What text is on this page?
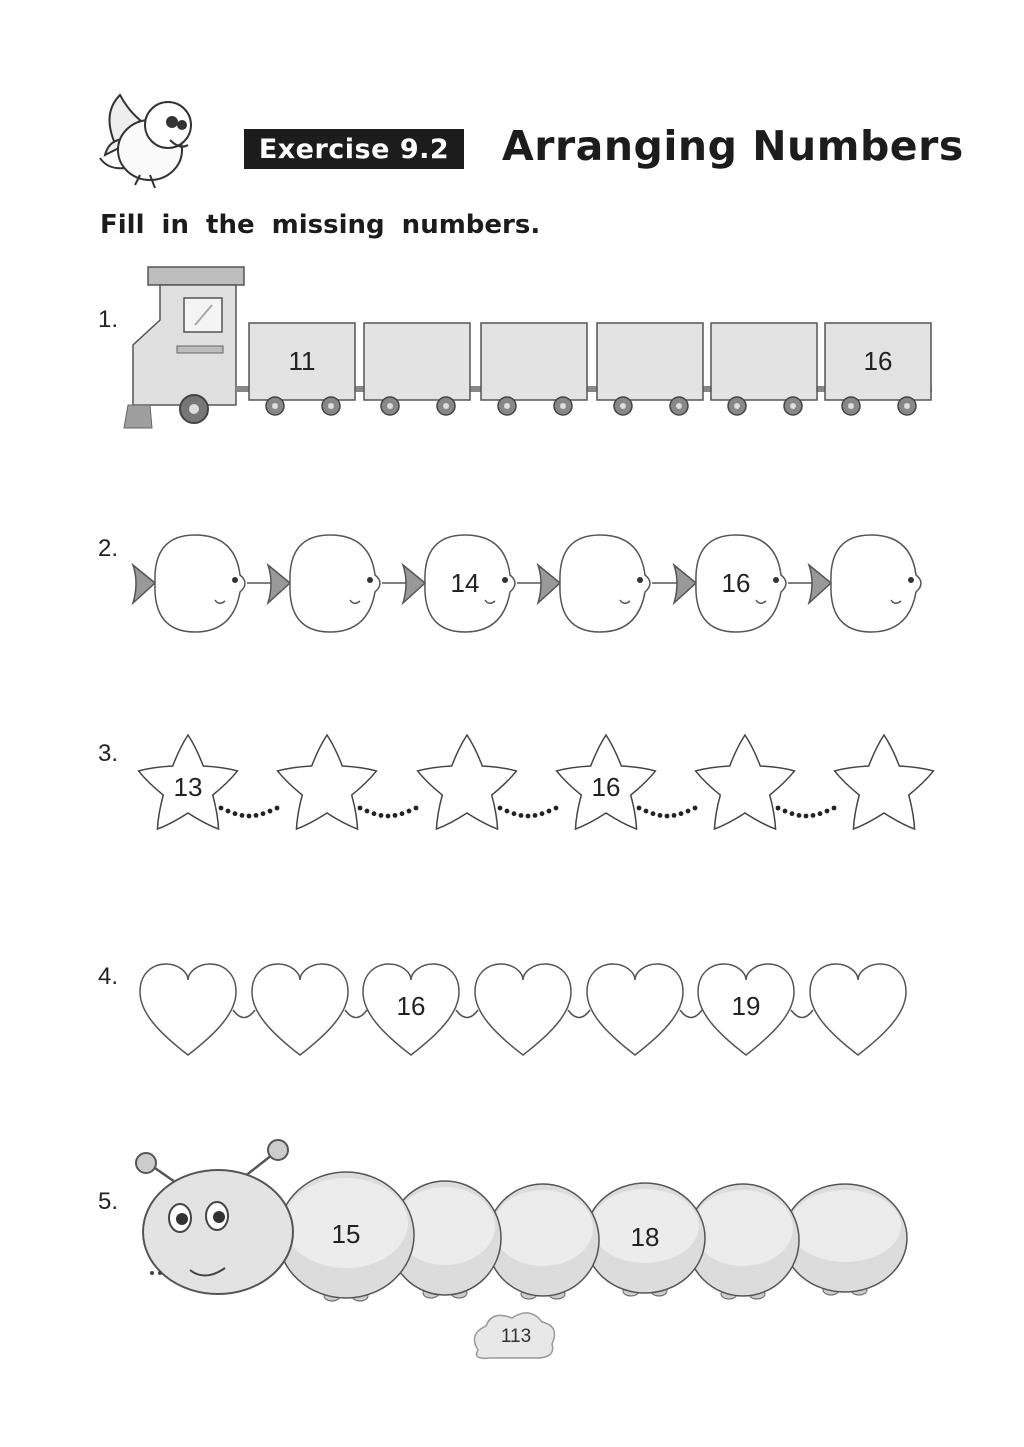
11	16
14	16
13	16
16	19
18
15
Exercise 9.2 Arranging Numbers
Fill in the missing numbers.
1.
2.
3.
4.
5.
113
